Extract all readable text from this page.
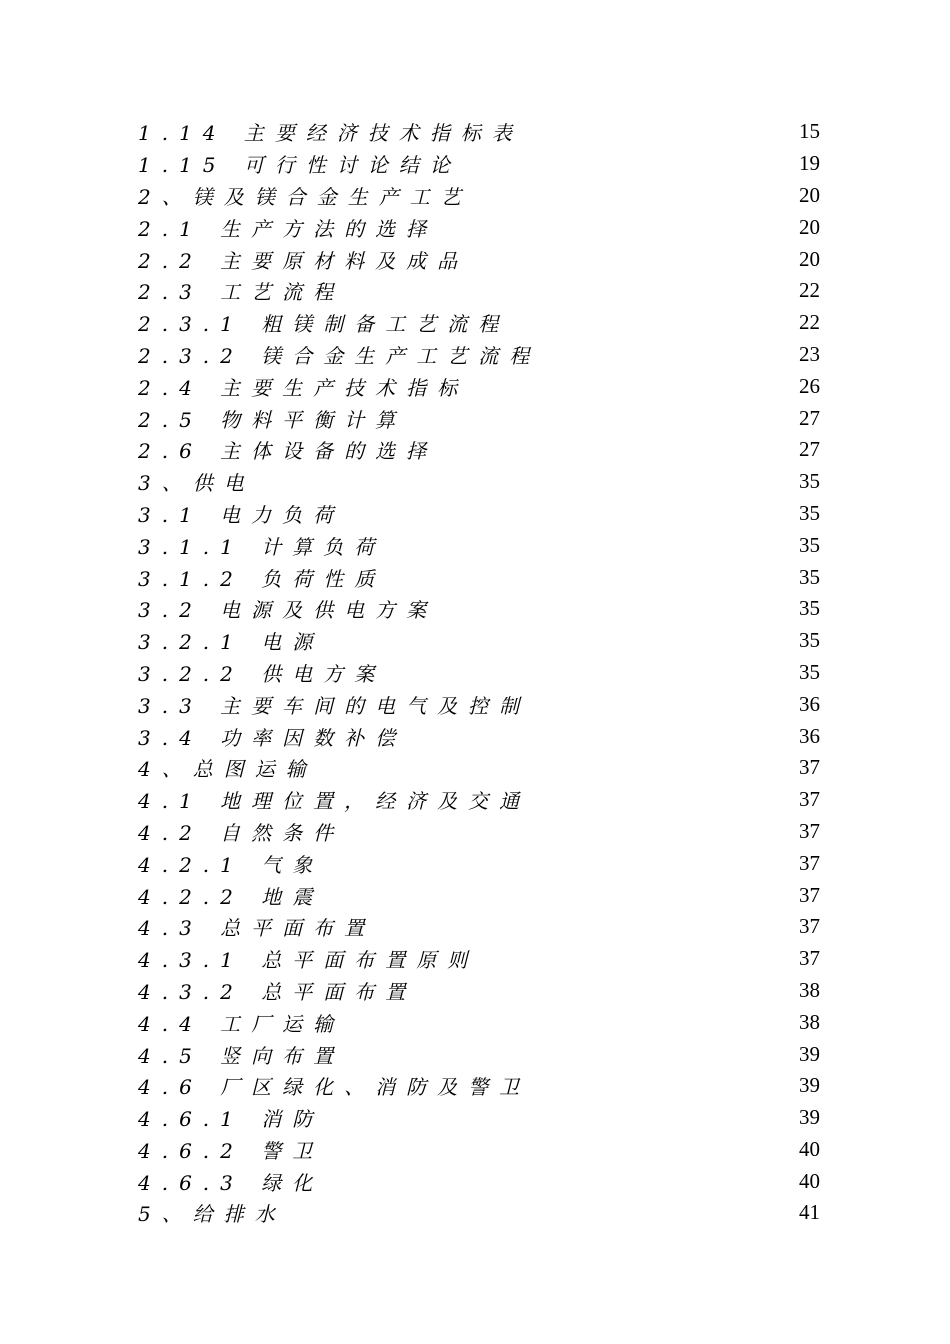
1.14 主要经济技术指标表	15
1.15 可行性讨论结论	19
2、镁及镁合金生产工艺	20
2.1 生产方法的选择	20
2.2 主要原材料及成品	20
2.3 工艺流程	22
2.3.1 粗镁制备工艺流程	22
2.3.2 镁合金生产工艺流程	23
2.4 主要生产技术指标	26
2.5 物料平衡计算	27
2.6 主体设备的选择	27
3、供电	35
3.1 电力负荷	35
3.1.1 计算负荷	35
3.1.2 负荷性质	35
3.2 电源及供电方案	35
3.2.1 电源	35
3.2.2 供电方案	35
3.3 主要车间的电气及控制	36
3.4 功率因数补偿	36
4、总图运输	37
4.1 地理位置，经济及交通	37
4.2 自然条件	37
4.2.1 气象	37
4.2.2 地震	37
4.3 总平面布置	37
4.3.1 总平面布置原则	37
4.3.2 总平面布置	38
4.4 工厂运输	38
4.5 竖向布置	39
4.6 厂区绿化、消防及警卫	39
4.6.1 消防	39
4.6.2 警卫	40
4.6.3 绿化	40
5、给排水	41
